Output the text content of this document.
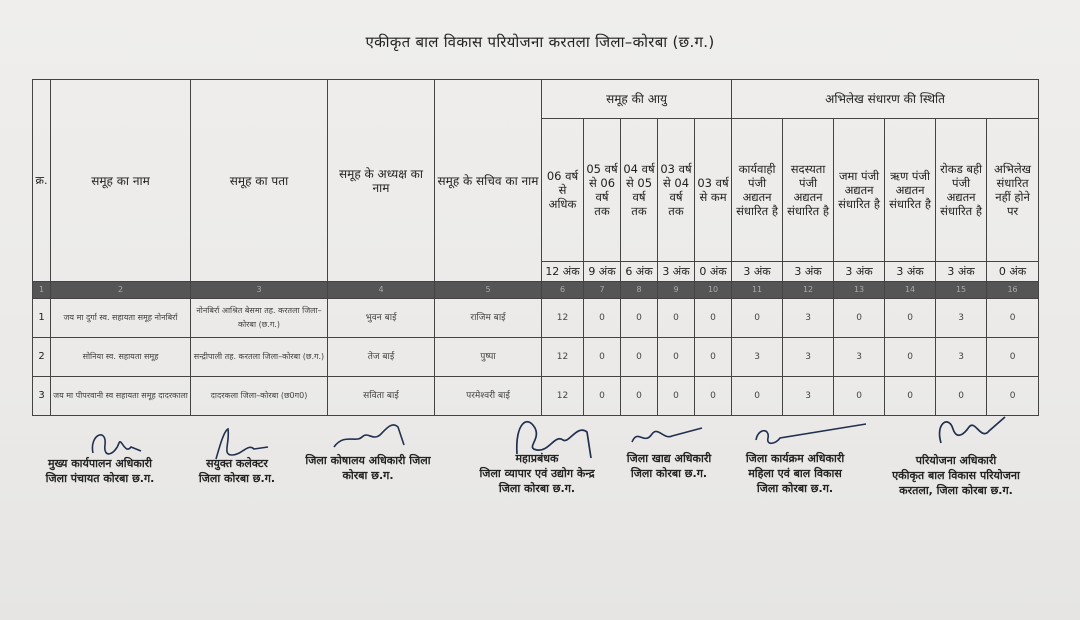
एकीकृत बाल विकास परियोजना करतला जिला–कोरबा (छ.ग.)
क्र.	समूह का नाम	समूह का पता	समूह के अध्यक्ष का नाम	समूह के सचिव का नाम	समूह की आयु					अभिलेख संधारण की स्थिति					
					06 वर्ष से अधिक	05 वर्ष से 06 वर्ष तक	04 वर्ष से 05 वर्ष तक	03 वर्ष से 04 वर्ष तक	03 वर्ष से कम	कार्यवाही पंजी अद्यतन संधारित है	सदस्यता पंजी अद्यतन संधारित है	जमा पंजी अद्यतन संधारित है	ऋण पंजी अद्यतन संधारित है	रोकड बही पंजी अद्यतन संधारित है	अभिलेख संधारित नहीं होने पर
					12 अंक	9 अंक	6 अंक	3 अंक	0 अंक	3 अंक	3 अंक	3 अंक	3 अंक	3 अंक	0 अंक
1	2	3	4	5	6	7	8	9	10	11	12	13	14	15	16
1	जय मा दुर्गा स्व. सहायता समूह नोनबिर्रा	नोनबिर्रा आश्रित बेसमा तह. करतला जिला–कोरबा (छ.ग.)	भुवन बाई	राजिम बाई	12	0	0	0	0	0	3	0	0	3	0
2	सोनिया स्व. सहायता समूह	सन्द्रीपाली तह. करतला जिला–कोरबा (छ.ग.)	तेज बाई	पुष्पा	12	0	0	0	0	3	3	3	0	3	0
3	जय मा पीपरवानी स्व सहायता समूह दादरकाला	दादरकला जिला–कोरबा (छ0ग0)	सविता बाई	परमेश्वरी बाई	12	0	0	0	0	0	3	0	0	0	0
मुख्य कार्यपालन अधिकारी
जिला पंचायत कोरबा छ.ग.
सयुक्त कलेक्टर
जिला कोरबा छ.ग.
जिला कोषालय अधिकारी जिला
कोरबा छ.ग.
महाप्रबंधक
जिला व्यापार एवं उद्योग केन्द्र
जिला कोरबा छ.ग.
जिला खाद्य अधिकारी
जिला कोरबा छ.ग.
जिला कार्यक्रम अधिकारी
महिला एवं बाल विकास
जिला कोरबा छ.ग.
परियोजना अधिकारी
एकीकृत बाल विकास परियोजना
करतला, जिला कोरबा छ.ग.
